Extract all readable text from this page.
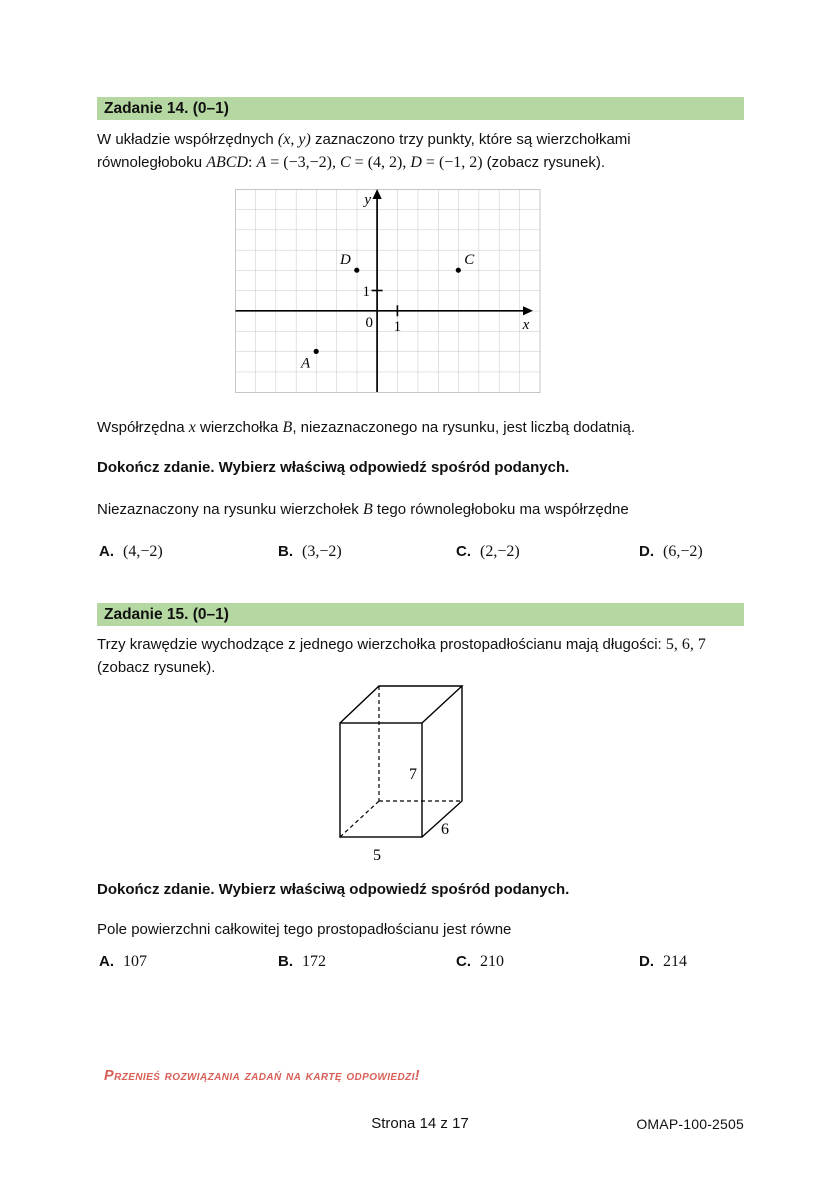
Zadanie 14. (0–1)
W układzie współrzędnych (x, y) zaznaczono trzy punkty, które są wierzchołkami
równoległoboku ABCD: A = (−3,−2), C = (4, 2), D = (−1, 2) (zobacz rysunek).
y
x
1
0 1
A
C
D
Współrzędna x wierzchołka B, niezaznaczonego na rysunku, jest liczbą dodatnią.
Dokończ zdanie. Wybierz właściwą odpowiedź spośród podanych.
Niezaznaczony na rysunku wierzchołek B tego równoległoboku ma współrzędne
A. (4,−2)	B. (3,−2)	C. (2,−2)	D. (6,−2)
Zadanie 15. (0–1)
Trzy krawędzie wychodzące z jednego wierzchołka prostopadłościanu mają długości: 5, 6, 7
(zobacz rysunek).
7
6
5
Dokończ zdanie. Wybierz właściwą odpowiedź spośród podanych.
Pole powierzchni całkowitej tego prostopadłościanu jest równe
A. 107	B. 172	C. 210	D. 214
Przenieś rozwiązania zadań na kartę odpowiedzi!
Strona 14 z 17	OMAP-100-2505
